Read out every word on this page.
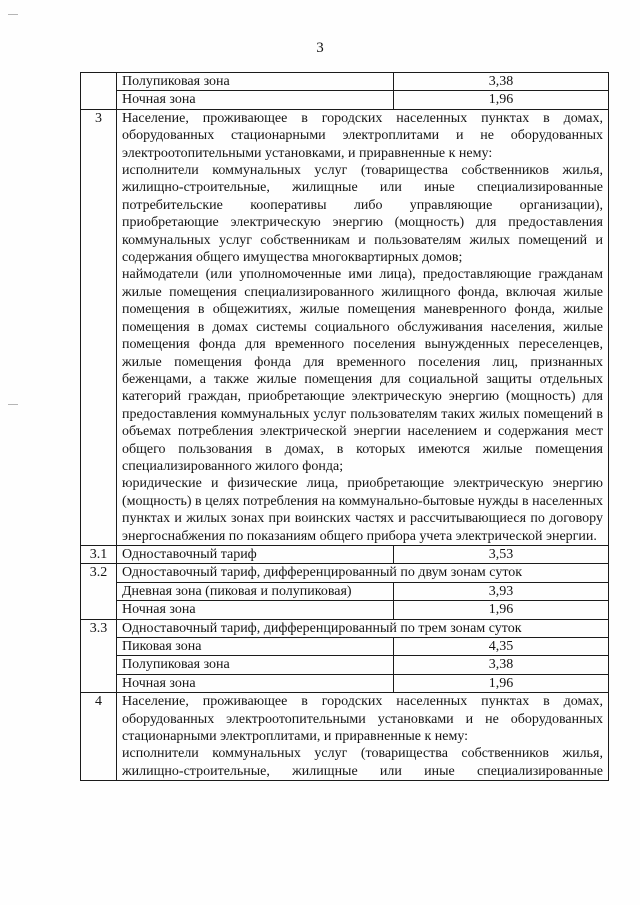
3
	Полупиковая зона	3,38
	Ночная зона	1,96
3	Население, проживающее в городских населенных пунктах в домах, оборудованных стационарными электроплитами и не оборудованных электроотопительными установками, и приравненные к нему:
исполнители коммунальных услуг (товарищества собственников жилья, жилищно-строительные, жилищные или иные специализированные потребительские кооперативы либо управляющие организации), приобретающие электрическую энергию (мощность) для предоставления коммунальных услуг собственникам и пользователям жилых помещений и содержания общего имущества многоквартирных домов;
наймодатели (или уполномоченные ими лица), предоставляющие гражданам жилые помещения специализированного жилищного фонда, включая жилые помещения в общежитиях, жилые помещения маневренного фонда, жилые помещения в домах системы социального обслуживания населения, жилые помещения фонда для временного поселения вынужденных переселенцев, жилые помещения фонда для временного поселения лиц, признанных беженцами, а также жилые помещения для социальной защиты отдельных категорий граждан, приобретающие электрическую энергию (мощность) для предоставления коммунальных услуг пользователям таких жилых помещений в объемах потребления электрической энергии населением и содержания мест общего пользования в домах, в которых имеются жилые помещения специализированного жилого фонда;
юридические и физические лица, приобретающие электрическую энергию (мощность) в целях потребления на коммунально-бытовые нужды в населенных пунктах и жилых зонах при воинских частях и рассчитывающиеся по договору энергоснабжения по показаниям общего прибора учета электрической энергии.	

3.1	Одноставочный тариф	3,53
3.2	Одноставочный тариф, дифференцированный по двум зонам суток	
	Дневная зона (пиковая и полупиковая)	3,93
	Ночная зона	1,96
3.3	Одноставочный тариф, дифференцированный по трем зонам суток	
	Пиковая зона	4,35
	Полупиковая зона	3,38
	Ночная зона	1,96
4	Население, проживающее в городских населенных пунктах в домах, оборудованных электроотопительными установками и не оборудованных стационарными электроплитами, и приравненные к нему:
исполнители коммунальных услуг (товарищества собственников жилья, жилищно-строительные, жилищные или иные специализированные	
